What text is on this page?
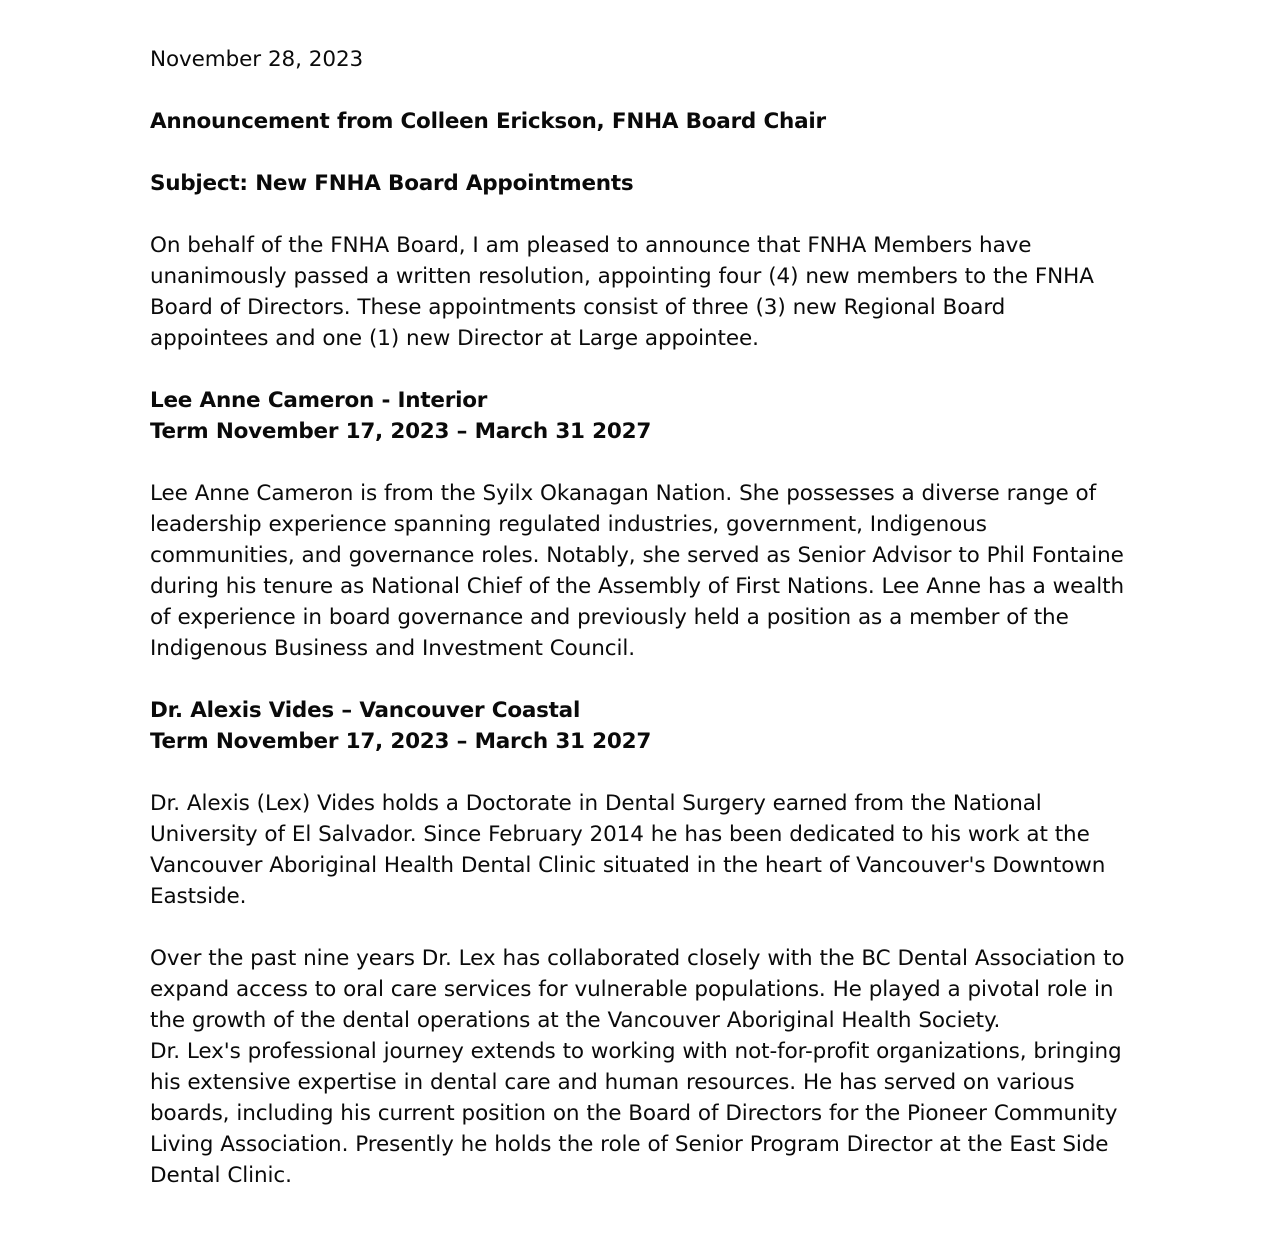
November 28, 2023

Announcement from Colleen Erickson, FNHA Board Chair

Subject: New FNHA Board Appointments

On behalf of the FNHA Board, I am pleased to announce that FNHA Members have
unanimously passed a written resolution, appointing four (4) new members to the FNHA
Board of Directors. These appointments consist of three (3) new Regional Board
appointees and one (1) new Director at Large appointee.

Lee Anne Cameron - Interior
Term November 17, 2023 – March 31 2027

Lee Anne Cameron is from the Syilx Okanagan Nation. She possesses a diverse range of
leadership experience spanning regulated industries, government, Indigenous
communities, and governance roles. Notably, she served as Senior Advisor to Phil Fontaine
during his tenure as National Chief of the Assembly of First Nations. Lee Anne has a wealth
of experience in board governance and previously held a position as a member of the
Indigenous Business and Investment Council.

Dr. Alexis Vides – Vancouver Coastal
Term November 17, 2023 – March 31 2027

Dr. Alexis (Lex) Vides holds a Doctorate in Dental Surgery earned from the National
University of El Salvador. Since February 2014 he has been dedicated to his work at the
Vancouver Aboriginal Health Dental Clinic situated in the heart of Vancouver's Downtown
Eastside.

Over the past nine years Dr. Lex has collaborated closely with the BC Dental Association to
expand access to oral care services for vulnerable populations. He played a pivotal role in
the growth of the dental operations at the Vancouver Aboriginal Health Society.
Dr. Lex's professional journey extends to working with not-for-profit organizations, bringing
his extensive expertise in dental care and human resources. He has served on various
boards, including his current position on the Board of Directors for the Pioneer Community
Living Association. Presently he holds the role of Senior Program Director at the East Side
Dental Clinic.
